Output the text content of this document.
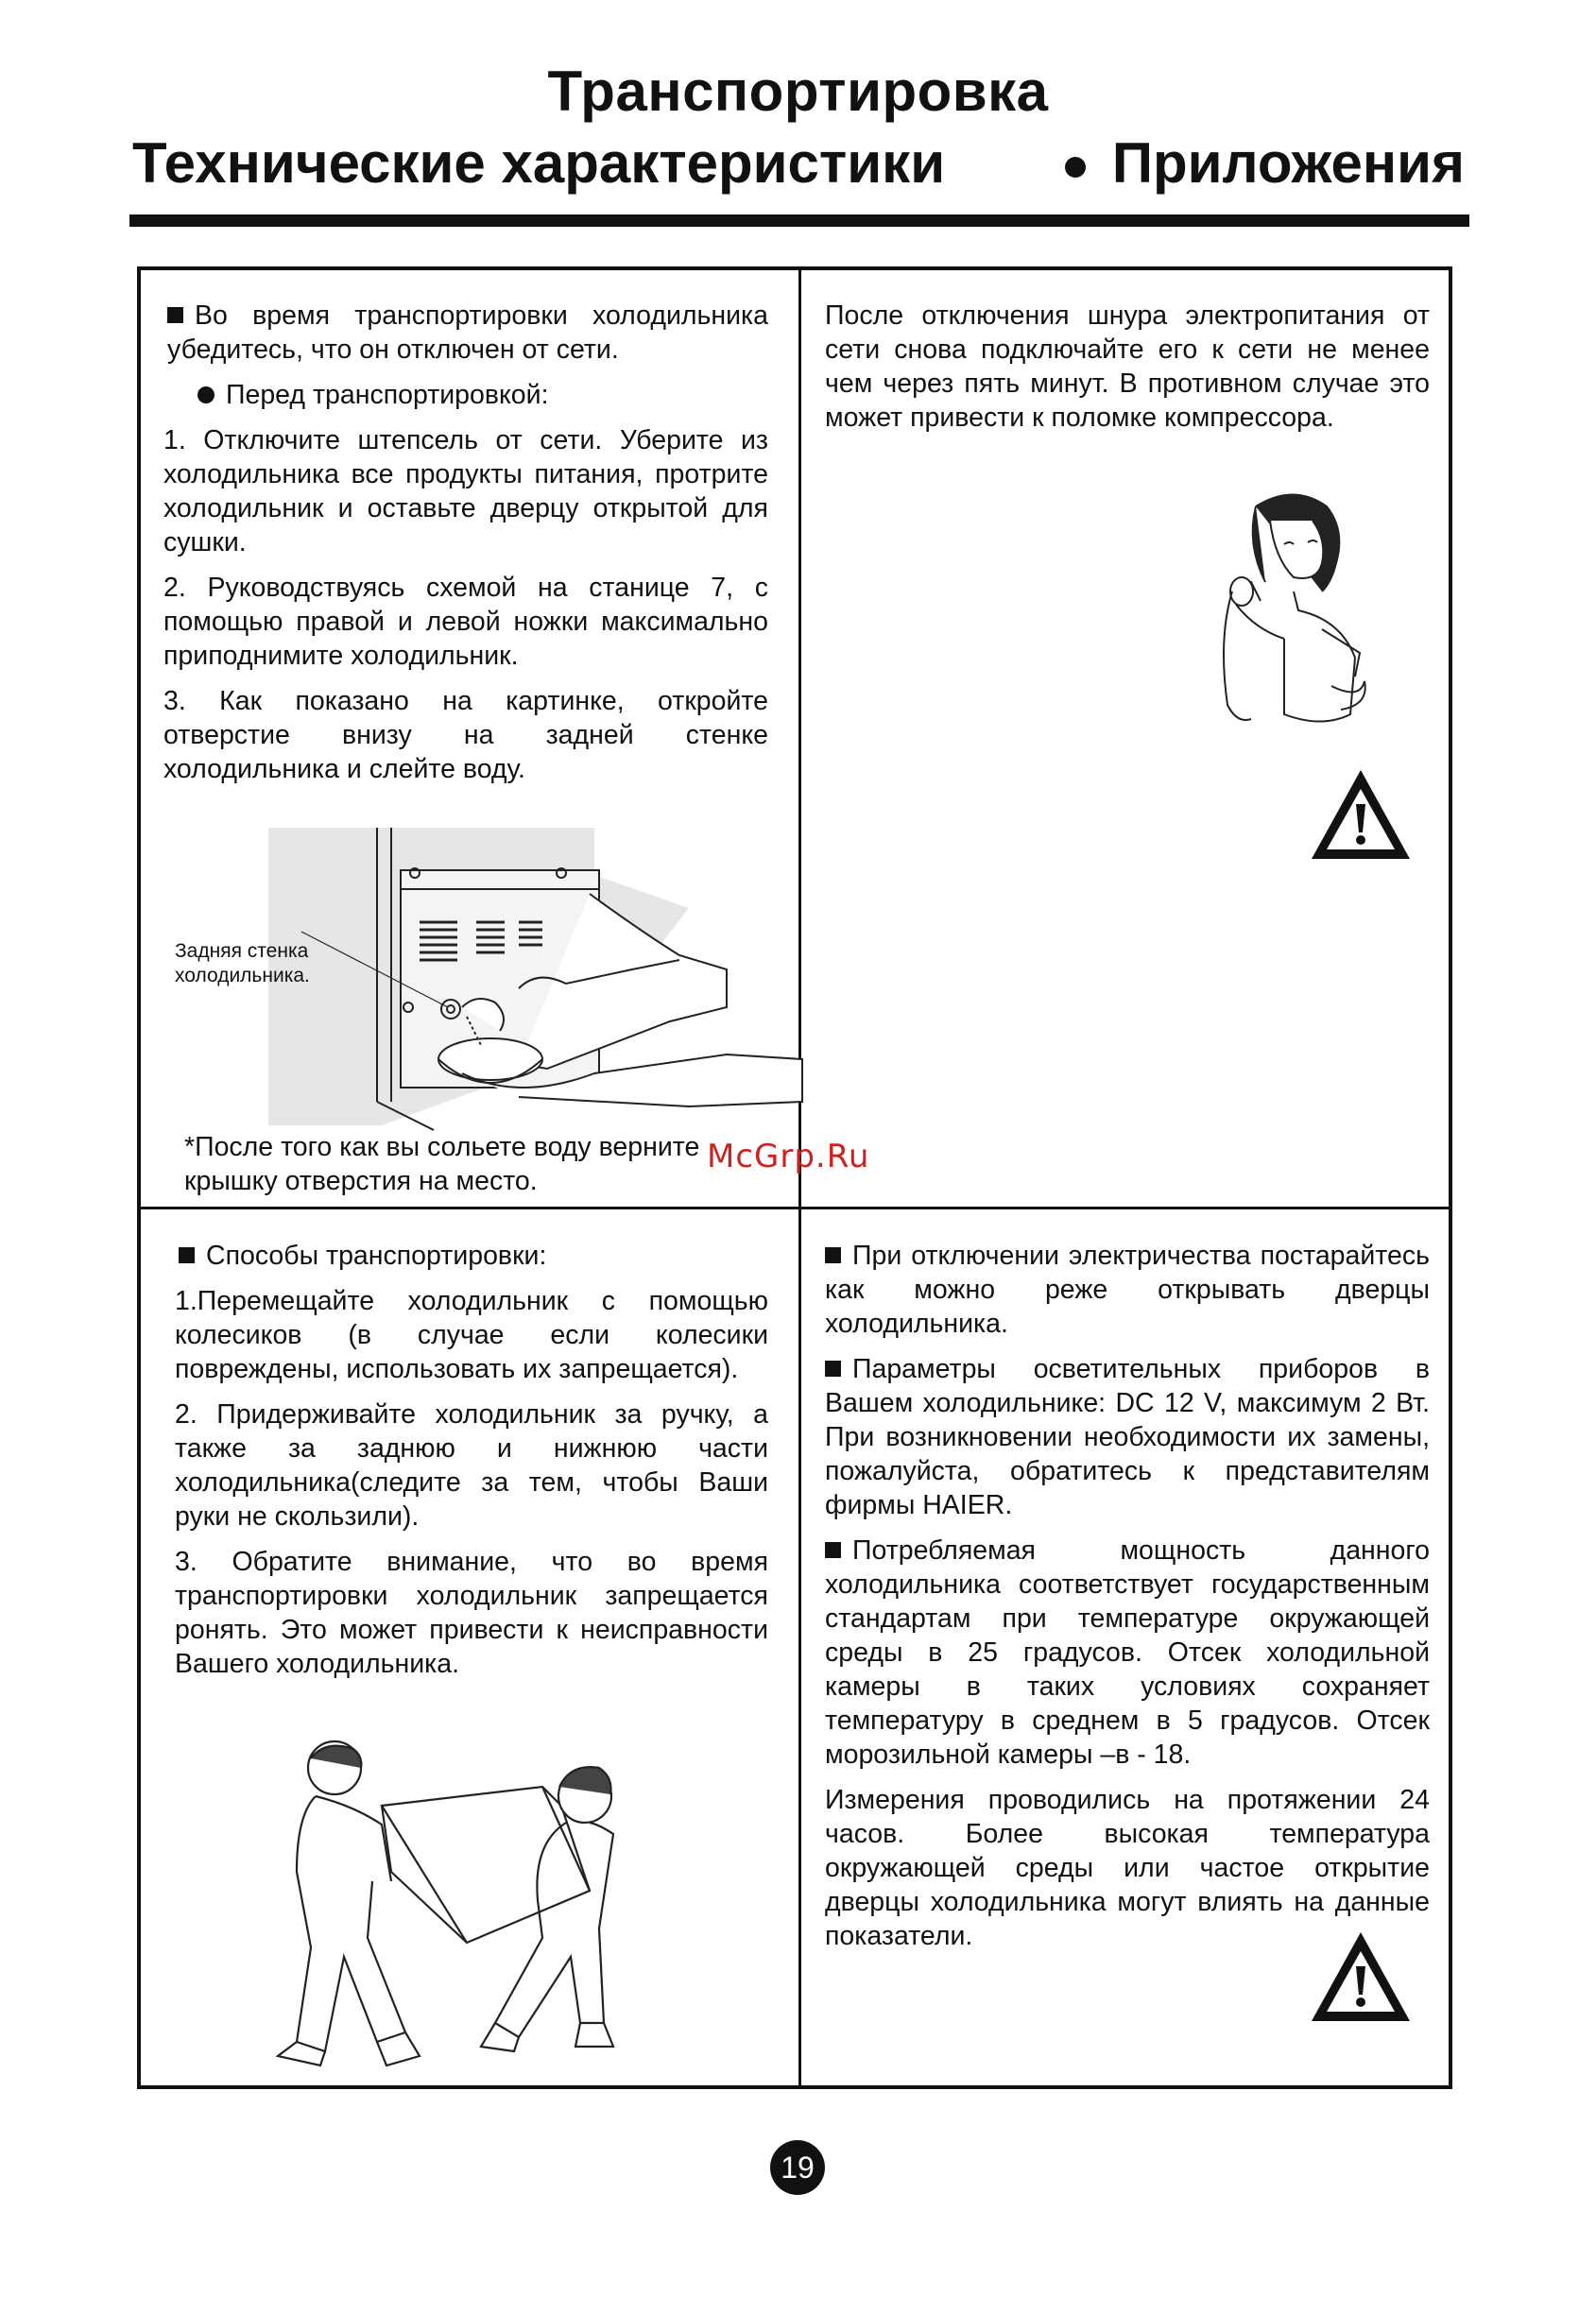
Транспортировка
Технические характеристики	Приложения

Во время транспортировки холодильника убедитесь, что он отключен от сети.

Перед транспортировкой:

1. Отключите штепсель от сети. Уберите из холодильника все продукты питания, протрите холодильник и оставьте дверцу открытой для сушки.

2. Руководствуясь схемой на станице 7, с помощью правой и левой ножки максимально приподнимите холодильник.

3. Как показано на картинке, откройте отверстие внизу на задней стенке холодильника и слейте воду.

Задняя стенка холодильника.
*После того как вы сольете воду верните крышку отверстия на место.

После отключения шнура электропитания от сети снова подключайте его к сети не менее чем через пять минут. В противном случае это может привести к поломке компрессора.

Способы транспортировки:

1.Перемещайте холодильник с помощью колесиков (в случае если колесики повреждены, использовать их запрещается).

2. Придерживайте холодильник за ручку, а также за заднюю и нижнюю части холодильника(следите за тем, чтобы Ваши руки не скользили).

3. Обратите внимание, что во время транспортировки холодильник запрещается ронять. Это может привести к неисправности Вашего холодильника.

При отключении электричества постарайтесь как можно реже открывать дверцы холодильника.

Параметры осветительных приборов в Вашем холодильнике: DC 12 V, максимум 2 Вт. При возникновении необходимости их замены, пожалуйста, обратитесь к представителям фирмы HAIER.

Потребляемая мощность данного холодильника соответствует государственным стандартам при температуре окружающей среды в 25 градусов. Отсек холодильной камеры в таких условиях сохраняет температуру в среднем в 5 градусов. Отсек морозильной камеры –в - 18.

Измерения проводились на протяжении 24 часов. Более высокая температура окружающей среды или частое открытие дверцы холодильника могут влиять на данные показатели.

McGrp.Ru
19
